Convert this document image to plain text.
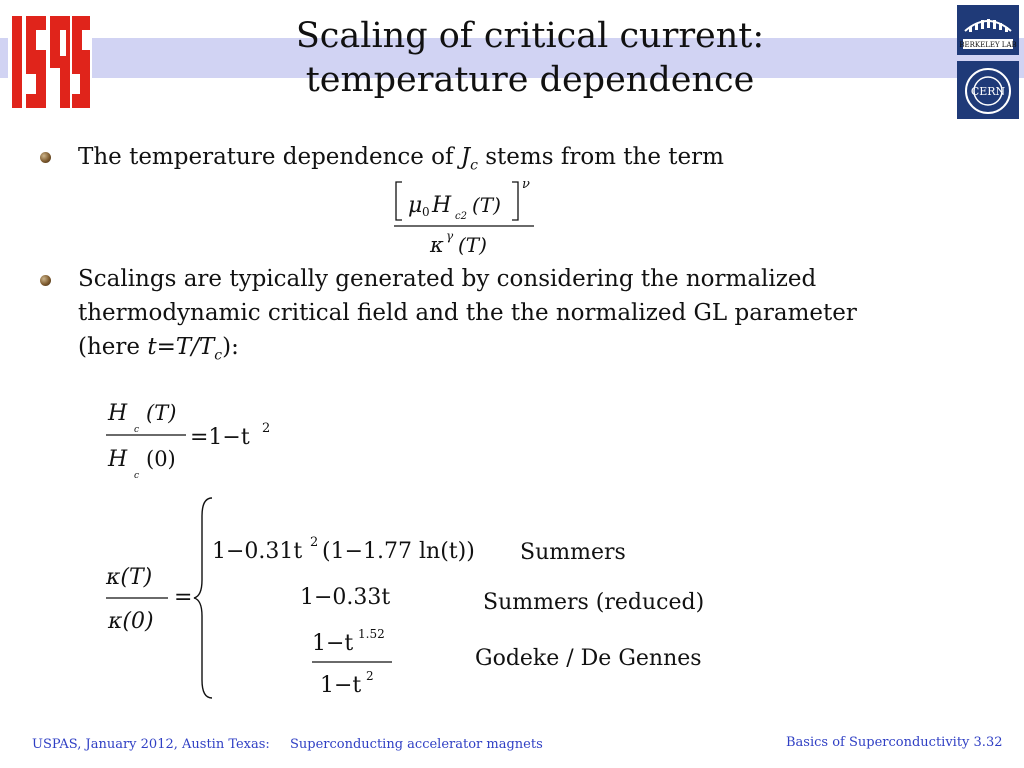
Scaling of critical current:
temperature dependence
BERKELEY LAB

CERN
The temperature dependence of $J_c$ stems from the term
μ 0 H c2 (T)
ν
κ γ (T)
Scalings are typically generated by considering the normalized
thermodynamic critical field and the the normalized GL parameter
(here $t=T/T_c$):
H
c
(T)
H
c
(0)
=1−t 2
κ(T)
κ(0)
=
1−0.31t 2 (1−1.77 ln(t))
1−0.33t
1−t 1.52
1−t 2
Summers
Summers (reduced)
Godeke / De Gennes
USPAS, January 2012, Austin Texas: Superconducting accelerator magnets	Basics of Superconductivity 3.32
